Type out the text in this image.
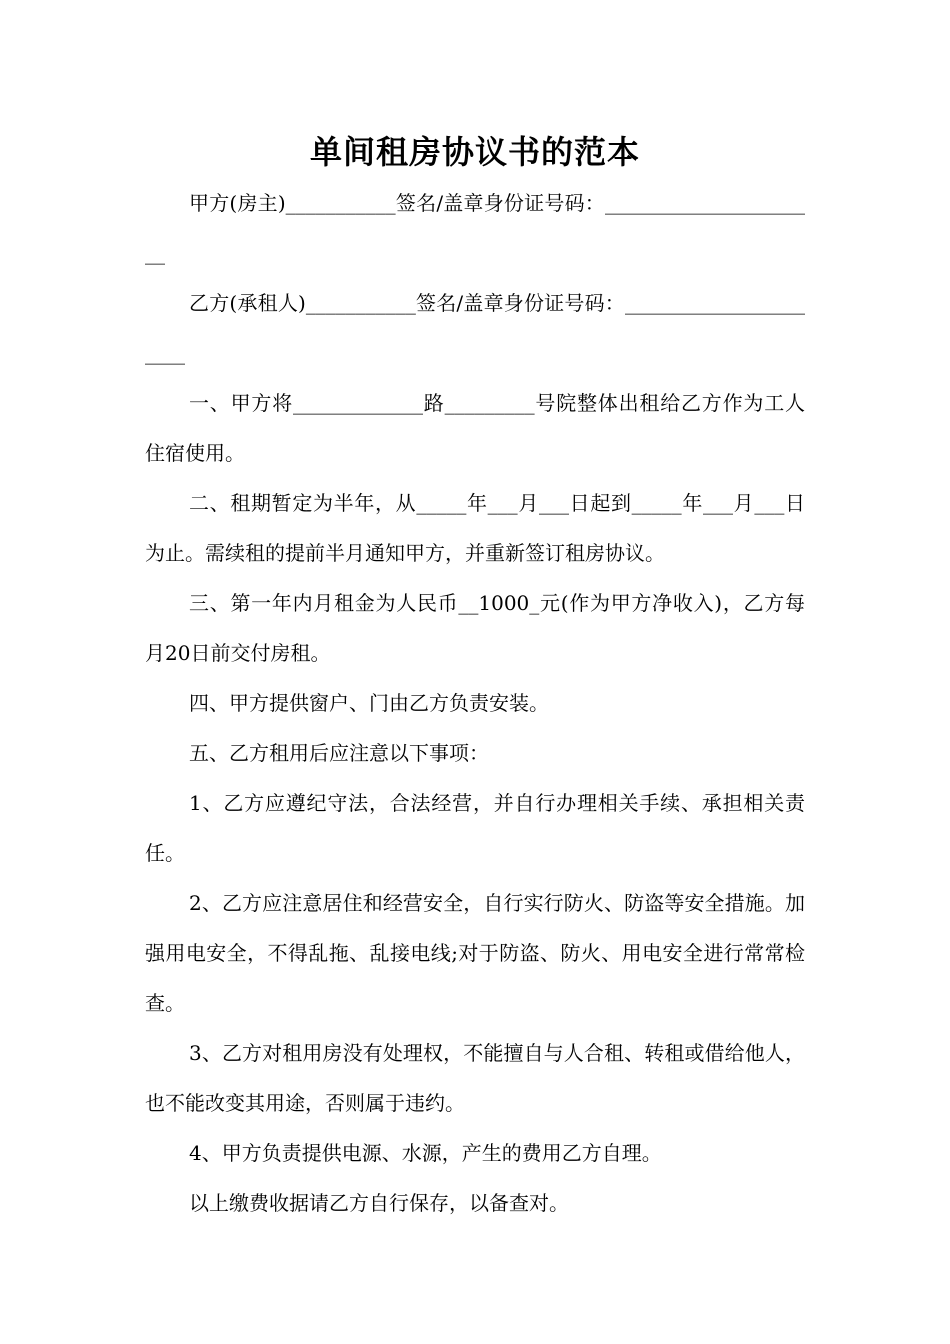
单间租房协议书的范本

甲方(房主)___________签名/盖章身份证号码：______________________

乙方(承租人)___________签名/盖章身份证号码：______________________

一、甲方将_____________路_________号院整体出租给乙方作为工人住宿使用。

二、租期暂定为半年，从_____年___月___日起到_____年___月___日为止。需续租的提前半月通知甲方，并重新签订租房协议。

三、第一年内月租金为人民币__1000_元(作为甲方净收入)，乙方每月20日前交付房租。

四、甲方提供窗户、门由乙方负责安装。

五、乙方租用后应注意以下事项：

1、乙方应遵纪守法，合法经营，并自行办理相关手续、承担相关责任。

2、乙方应注意居住和经营安全，自行实行防火、防盗等安全措施。加强用电安全，不得乱拖、乱接电线;对于防盗、防火、用电安全进行常常检查。

3、乙方对租用房没有处理权，不能擅自与人合租、转租或借给他人，也不能改变其用途，否则属于违约。

4、甲方负责提供电源、水源，产生的费用乙方自理。

以上缴费收据请乙方自行保存，以备查对。
